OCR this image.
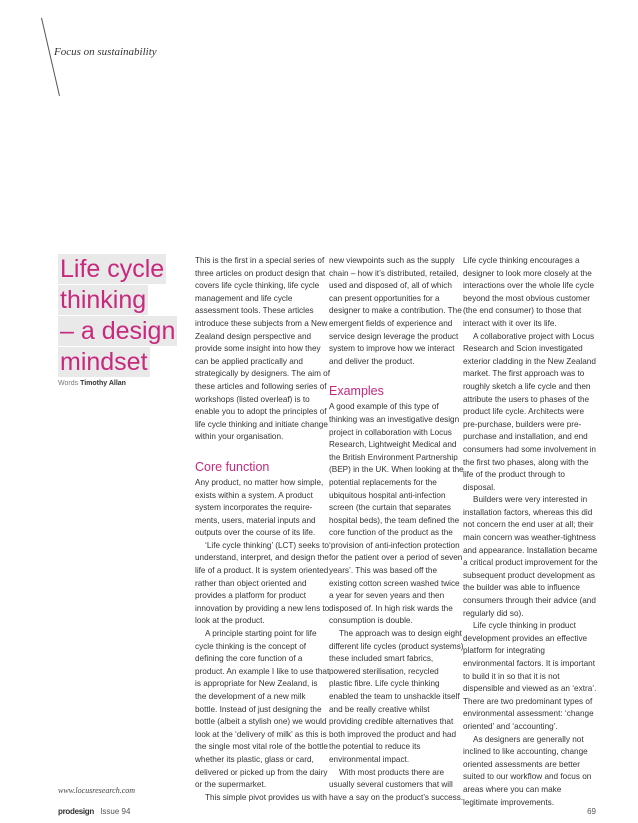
Focus on sustainability
Life cycle
thinking
– a design
mindset
Words Timothy Allan

This is the first in a special series of three articles on product design that covers life cycle thinking, life cycle management and life cycle assessment tools. These articles introduce these subjects from a New Zealand design perspective and provide some insight into how they can be applied practically and strategically by designers. The aim of these articles and following series of workshops (listed overleaf) is to enable you to adopt the principles of life cycle thinking and initiate change within your organisation.

Core function

Any product, no matter how simple, exists within a system. A product system incorporates the require-ments, users, material inputs and outputs over the course of its life.

‘Life cycle thinking’ (LCT) seeks to understand, interpret, and design the life of a product. It is system oriented rather than object oriented and provides a platform for product innovation by providing a new lens to look at the product.

A principle starting point for life cycle thinking is the concept of defining the core function of a product. An example I like to use that is appropriate for New Zealand, is the development of a new milk bottle. Instead of just designing the bottle (albeit a stylish one) we would look at the ‘delivery of milk’ as this is the single most vital role of the bottle whether its plastic, glass or card, delivered or picked up from the dairy or the supermarket.

This simple pivot provides us with

new viewpoints such as the supply chain – how it’s distributed, retailed, used and disposed of, all of which can present opportunities for a designer to make a contribution. The emergent fields of experience and service design leverage the product system to improve how we interact and deliver the product.

Examples

A good example of this type of thinking was an investigative design project in collaboration with Locus Research, Lightweight Medical and the British Environment Partnership (BEP) in the UK. When looking at the potential replacements for the ubiquitous hospital anti-infection screen (the curtain that separates hospital beds), the team defined the core function of the product as the ‘provision of anti-infection protection for the patient over a period of seven years’. This was based off the existing cotton screen washed twice a year for seven years and then disposed of. In high risk wards the consumption is double.

The approach was to design eight different life cycles (product systems) these included smart fabrics, powered sterilisation, recycled plastic fibre. Life cycle thinking enabled the team to unshackle itself and be really creative whilst providing credible alternatives that both improved the product and had the potential to reduce its environmental impact.

With most products there are usually several customers that will have a say on the product’s success.

Life cycle thinking encourages a designer to look more closely at the interactions over the whole life cycle beyond the most obvious customer (the end consumer) to those that interact with it over its life.

A collaborative project with Locus Research and Scion investigated exterior cladding in the New Zealand market. The first approach was to roughly sketch a life cycle and then attribute the users to phases of the product life cycle. Architects were pre-purchase, builders were pre-purchase and installation, and end consumers had some involvement in the first two phases, along with the life of the product through to disposal.

Builders were very interested in installation factors, whereas this did not concern the end user at all; their main concern was weather-tightness and appearance. Installation became a critical product improvement for the subsequent product development as the builder was able to influence consumers through their advice (and regularly did so).

Life cycle thinking in product development provides an effective platform for integrating environmental factors. It is important to build it in so that it is not dispensible and viewed as an ‘extra’. There are two predominant types of environmental assessment: ‘change oriented’ and ‘accounting’.

As designers are generally not inclined to like accounting, change oriented assessments are better suited to our workflow and focus on areas where you can make legitimate improvements.

www.locusresearch.com
prodesign Issue 94	69
